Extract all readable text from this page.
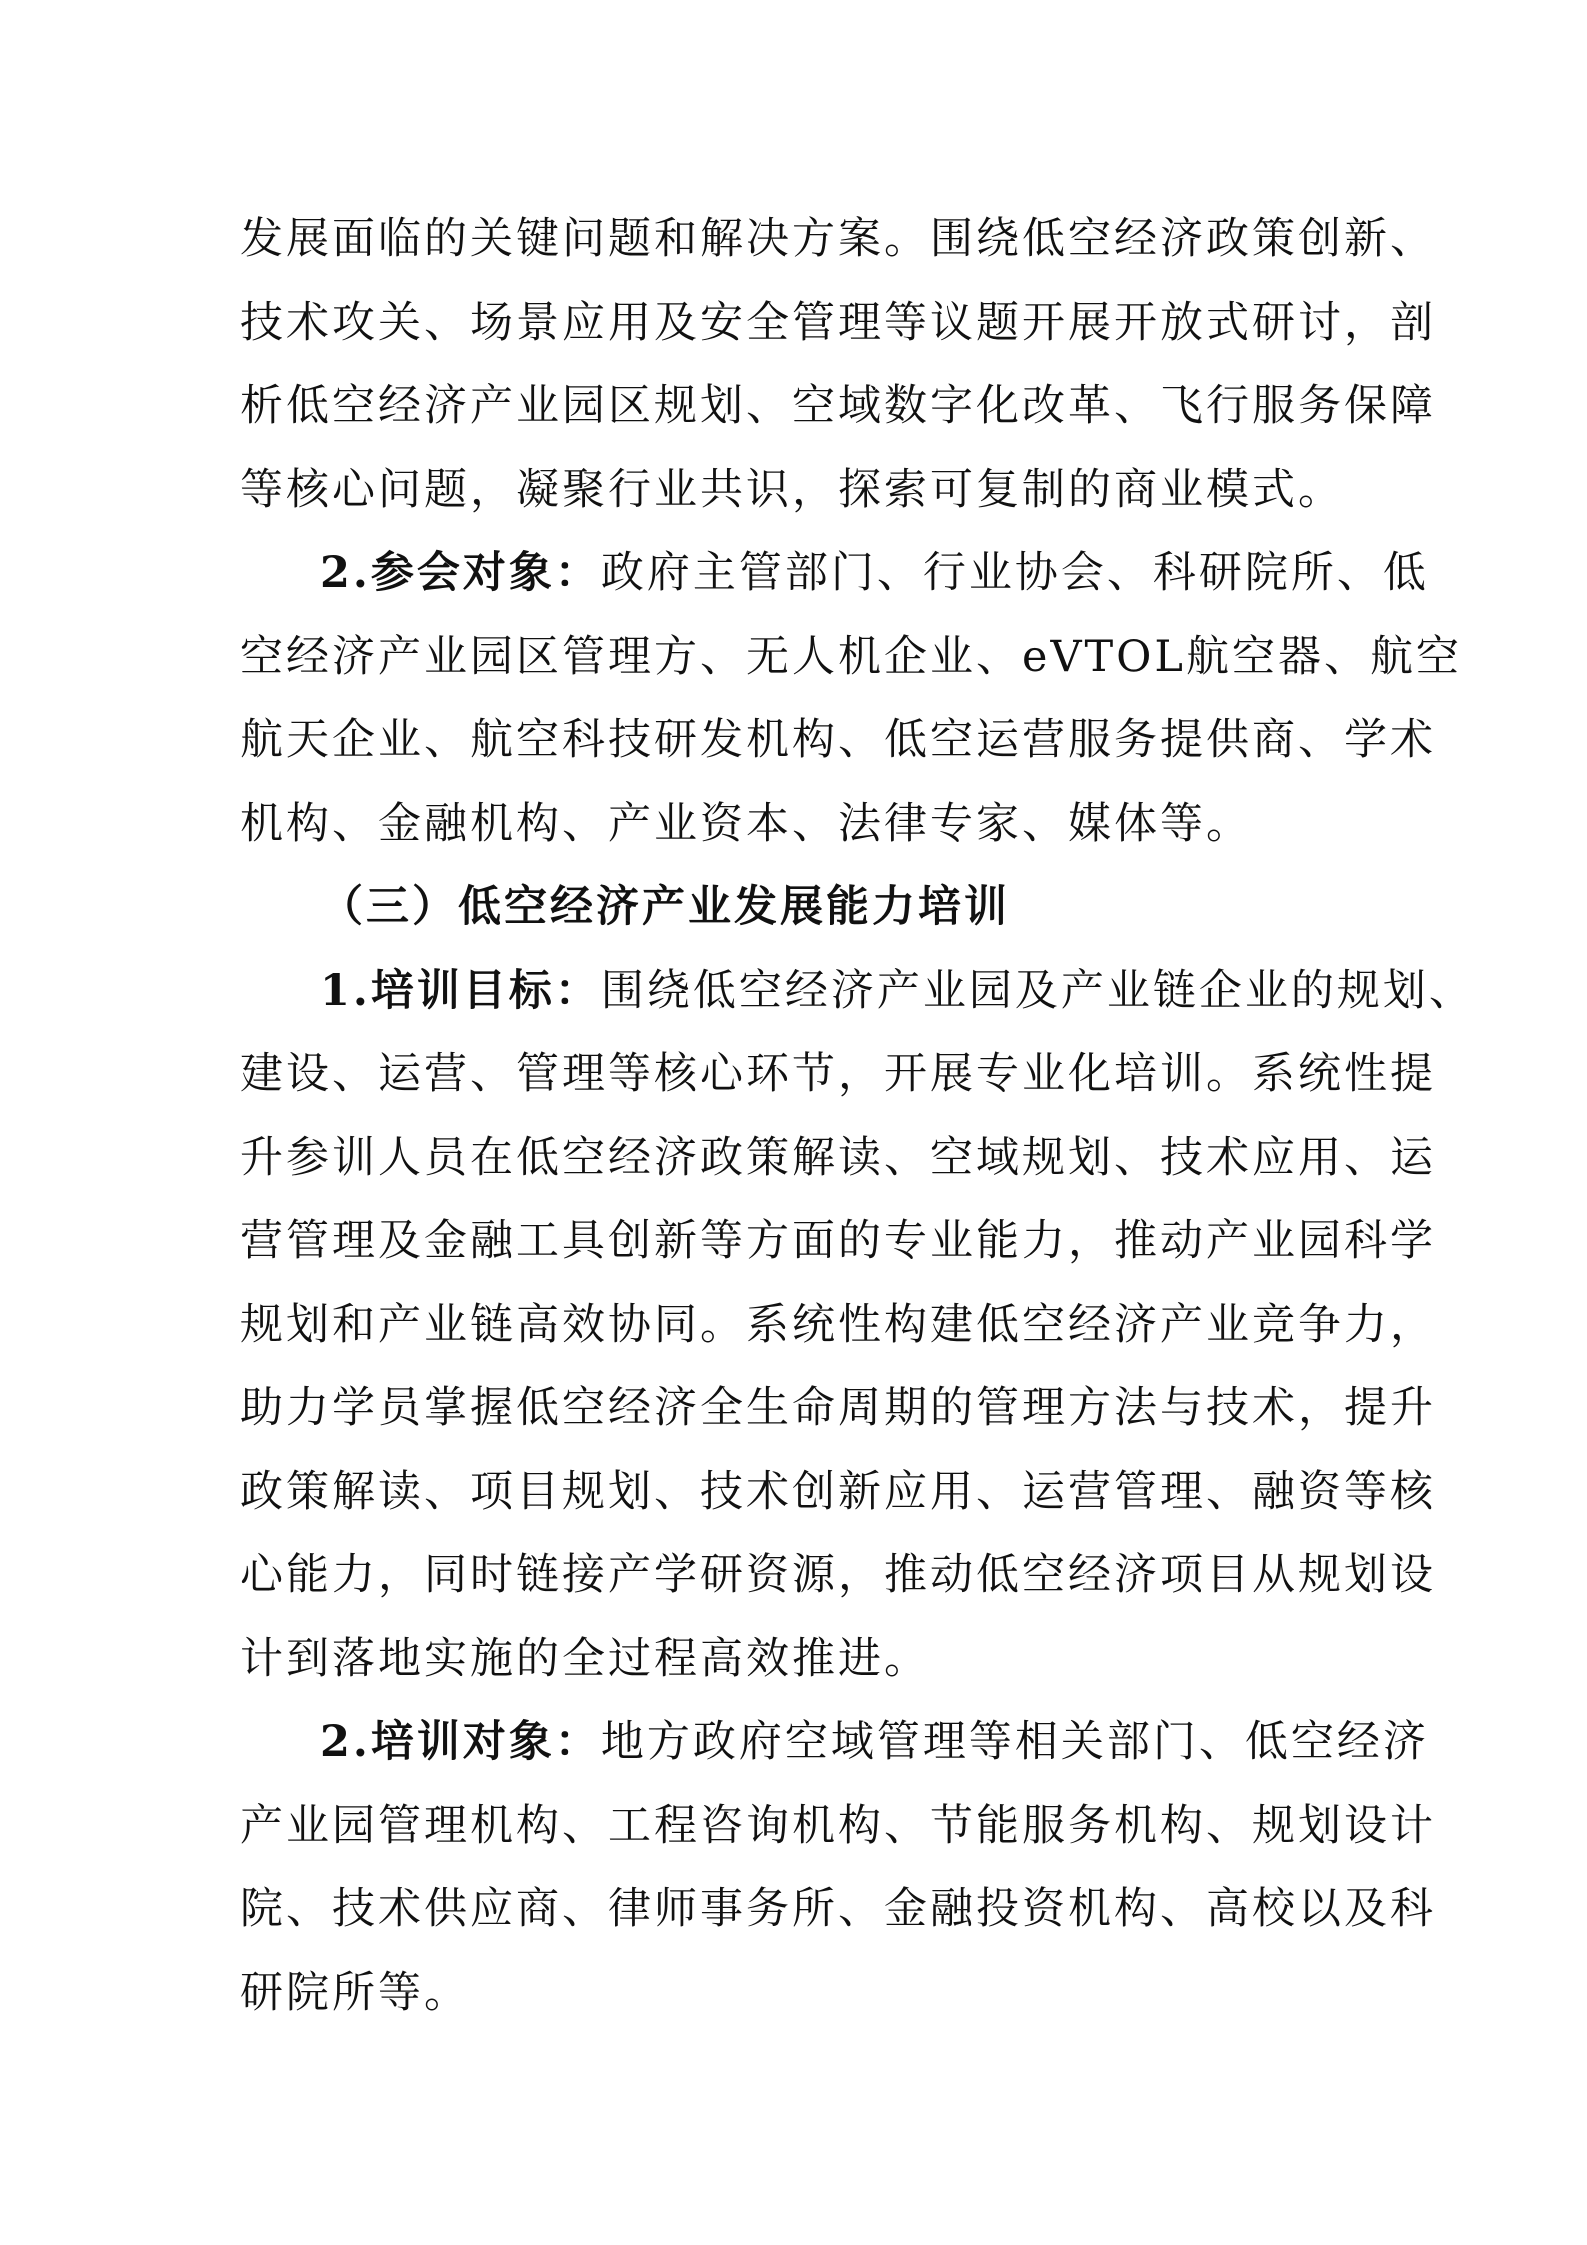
发展面临的关键问题和解决方案。围绕低空经济政策创新、
技术攻关、场景应用及安全管理等议题开展开放式研讨，剖
析低空经济产业园区规划、空域数字化改革、飞行服务保障
等核心问题，凝聚行业共识，探索可复制的商业模式。
2.参会对象：政府主管部门、行业协会、科研院所、低
空经济产业园区管理方、无人机企业、eVTOL航空器、航空
航天企业、航空科技研发机构、低空运营服务提供商、学术
机构、金融机构、产业资本、法律专家、媒体等。
（三）低空经济产业发展能力培训
1.培训目标：围绕低空经济产业园及产业链企业的规划、
建设、运营、管理等核心环节，开展专业化培训。系统性提
升参训人员在低空经济政策解读、空域规划、技术应用、运
营管理及金融工具创新等方面的专业能力，推动产业园科学
规划和产业链高效协同。系统性构建低空经济产业竞争力，
助力学员掌握低空经济全生命周期的管理方法与技术，提升
政策解读、项目规划、技术创新应用、运营管理、融资等核
心能力，同时链接产学研资源，推动低空经济项目从规划设
计到落地实施的全过程高效推进。
2.培训对象：地方政府空域管理等相关部门、低空经济
产业园管理机构、工程咨询机构、节能服务机构、规划设计
院、技术供应商、律师事务所、金融投资机构、高校以及科
研院所等。
